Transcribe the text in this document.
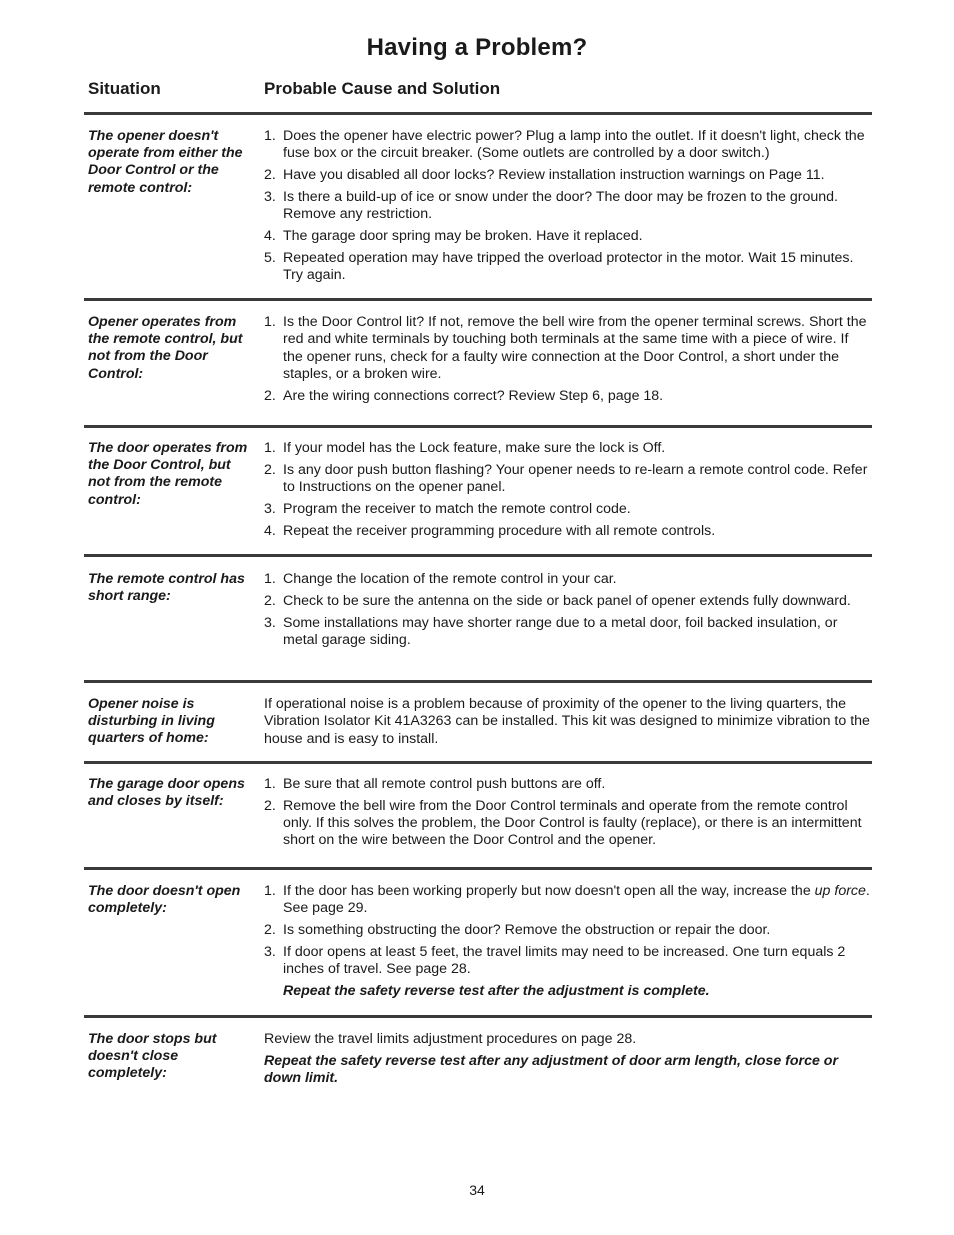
Having a Problem?
Situation	Probable Cause and Solution
The opener doesn't operate from either the Door Control or the remote control:
1. Does the opener have electric power? Plug a lamp into the outlet. If it doesn't light, check the fuse box or the circuit breaker. (Some outlets are controlled by a door switch.)
2. Have you disabled all door locks? Review installation instruction warnings on Page 11.
3. Is there a build-up of ice or snow under the door? The door may be frozen to the ground. Remove any restriction.
4. The garage door spring may be broken. Have it replaced.
5. Repeated operation may have tripped the overload protector in the motor. Wait 15 minutes. Try again.
Opener operates from the remote control, but not from the Door Control:
1. Is the Door Control lit? If not, remove the bell wire from the opener terminal screws. Short the red and white terminals by touching both terminals at the same time with a piece of wire. If the opener runs, check for a faulty wire connection at the Door Control, a short under the staples, or a broken wire.
2. Are the wiring connections correct? Review Step 6, page 18.
The door operates from the Door Control, but not from the remote control:
1. If your model has the Lock feature, make sure the lock is Off.
2. Is any door push button flashing? Your opener needs to re-learn a remote control code. Refer to Instructions on the opener panel.
3. Program the receiver to match the remote control code.
4. Repeat the receiver programming procedure with all remote controls.
The remote control has short range:
1. Change the location of the remote control in your car.
2. Check to be sure the antenna on the side or back panel of opener extends fully downward.
3. Some installations may have shorter range due to a metal door, foil backed insulation, or metal garage siding.
Opener noise is disturbing in living quarters of home:

If operational noise is a problem because of proximity of the opener to the living quarters, the Vibration Isolator Kit 41A3263 can be installed. This kit was designed to minimize vibration to the house and is easy to install.

The garage door opens and closes by itself:
1. Be sure that all remote control push buttons are off.
2. Remove the bell wire from the Door Control terminals and operate from the remote control only. If this solves the problem, the Door Control is faulty (replace), or there is an intermittent short on the wire between the Door Control and the opener.
The door doesn't open completely:
1. If the door has been working properly but now doesn't open all the way, increase the up force. See page 29.
2. Is something obstructing the door? Remove the obstruction or repair the door.
3. If door opens at least 5 feet, the travel limits may need to be increased. One turn equals 2 inches of travel. See page 28.
Repeat the safety reverse test after the adjustment is complete.
The door stops but doesn't close completely:

Review the travel limits adjustment procedures on page 28.

Repeat the safety reverse test after any adjustment of door arm length, close force or down limit.

34
